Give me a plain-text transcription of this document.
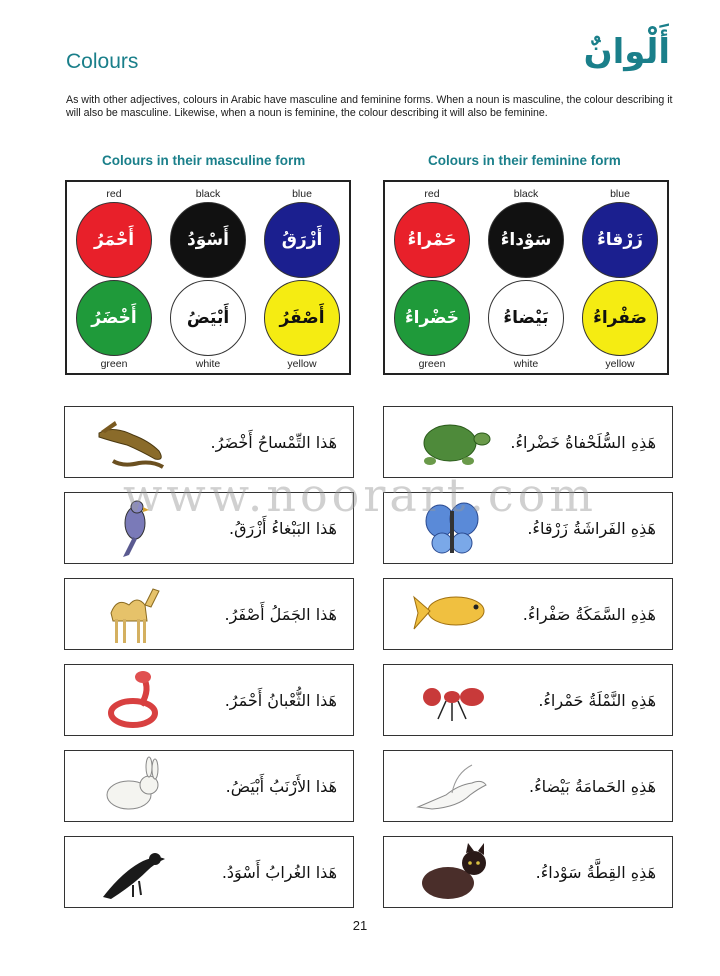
Colours	أَلْوانٌ

As with other adjectives, colours in Arabic have masculine and feminine forms. When a noun is masculine, the colour describing it will also be masculine. Likewise, when a noun is feminine, the colour describing it will also be feminine.

Colours in their masculine form
red
أَحْمَرُ
black
أَسْوَدُ
blue
أَزْرَقُ
أَخْضَرُ
green
أَبْيَضُ
white
أَصْفَرُ
yellow
Colours in their feminine form
red
حَمْراءُ
black
سَوْداءُ
blue
زَرْقاءُ
خَضْراءُ
green
بَيْضاءُ
white
صَفْراءُ
yellow
هَذا التِّمْساحُ أَخْضَرُ.
هَذا البَبْغاءُ أَزْرَقُ.
هَذا الجَمَلُ أَصْفَرُ.
هَذا الثُّعْبانُ أَحْمَرُ.
هَذا الأَرْنَبُ أَبْيَضُ.
هَذا الغُرابُ أَسْوَدُ.
هَذِهِ السُّلَحْفاةُ خَضْراءُ.
هَذِهِ الفَراشَةُ زَرْقاءُ.
هَذِهِ السَّمَكَةُ صَفْراءُ.
هَذِهِ النَّمْلَةُ حَمْراءُ.
هَذِهِ الحَمامَةُ بَيْضاءُ.
هَذِهِ القِطَّةُ سَوْداءُ.
www.noorart.com

21
